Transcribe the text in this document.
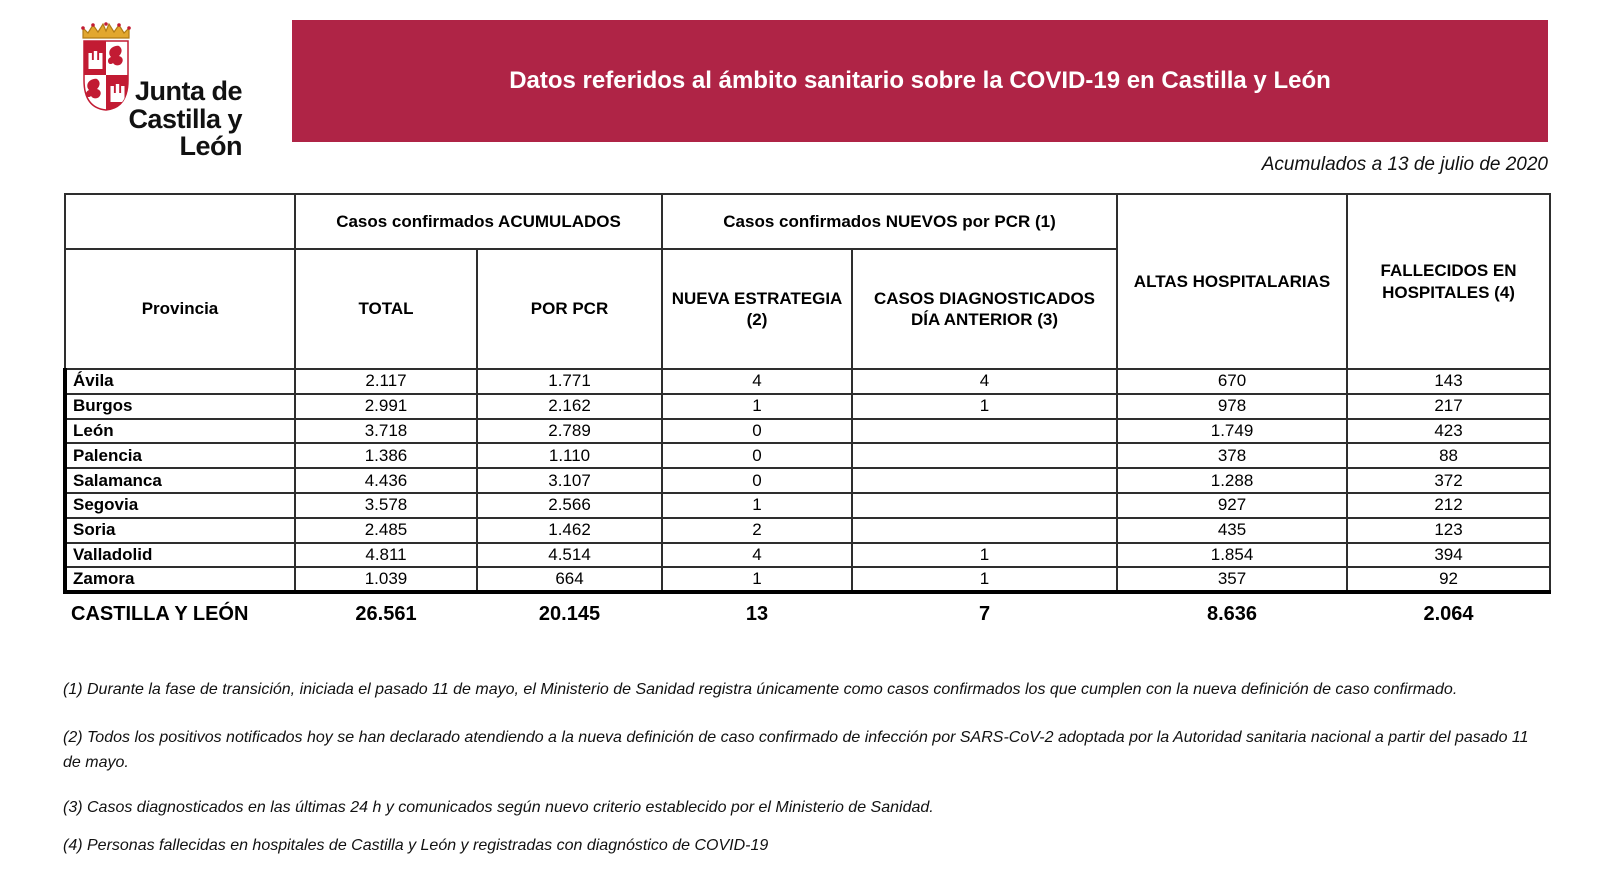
Junta de
Castilla y León
Datos referidos al ámbito sanitario sobre la COVID-19 en Castilla y León
Acumulados a 13 de julio de 2020
	Casos confirmados ACUMULADOS		Casos confirmados NUEVOS por PCR (1)		ALTAS HOSPITALARIAS	FALLECIDOS EN HOSPITALES (4)
Provincia	TOTAL	POR PCR	NUEVA ESTRATEGIA (2)	CASOS DIAGNOSTICADOS DÍA ANTERIOR (3)		
Ávila	2.117	1.771	4	4	670	143
Burgos	2.991	2.162	1	1	978	217
León	3.718	2.789	0		1.749	423
Palencia	1.386	1.110	0		378	88
Salamanca	4.436	3.107	0		1.288	372
Segovia	3.578	2.566	1		927	212
Soria	2.485	1.462	2		435	123
Valladolid	4.811	4.514	4	1	1.854	394
Zamora	1.039	664	1	1	357	92
CASTILLA Y LEÓN	26.561	20.145	13	7	8.636	2.064
(1) Durante la fase de transición, iniciada el pasado 11 de mayo, el Ministerio de Sanidad registra únicamente como casos confirmados los que cumplen con la nueva definición de caso confirmado.
(2) Todos los positivos notificados hoy se han declarado atendiendo a la nueva definición de caso confirmado de infección por SARS-CoV-2 adoptada por la Autoridad sanitaria nacional a partir del pasado 11 de mayo.
(3) Casos diagnosticados en las últimas 24 h y comunicados según nuevo criterio establecido por el Ministerio de Sanidad.
(4) Personas fallecidas en hospitales de Castilla y León y registradas con diagnóstico de COVID-19
